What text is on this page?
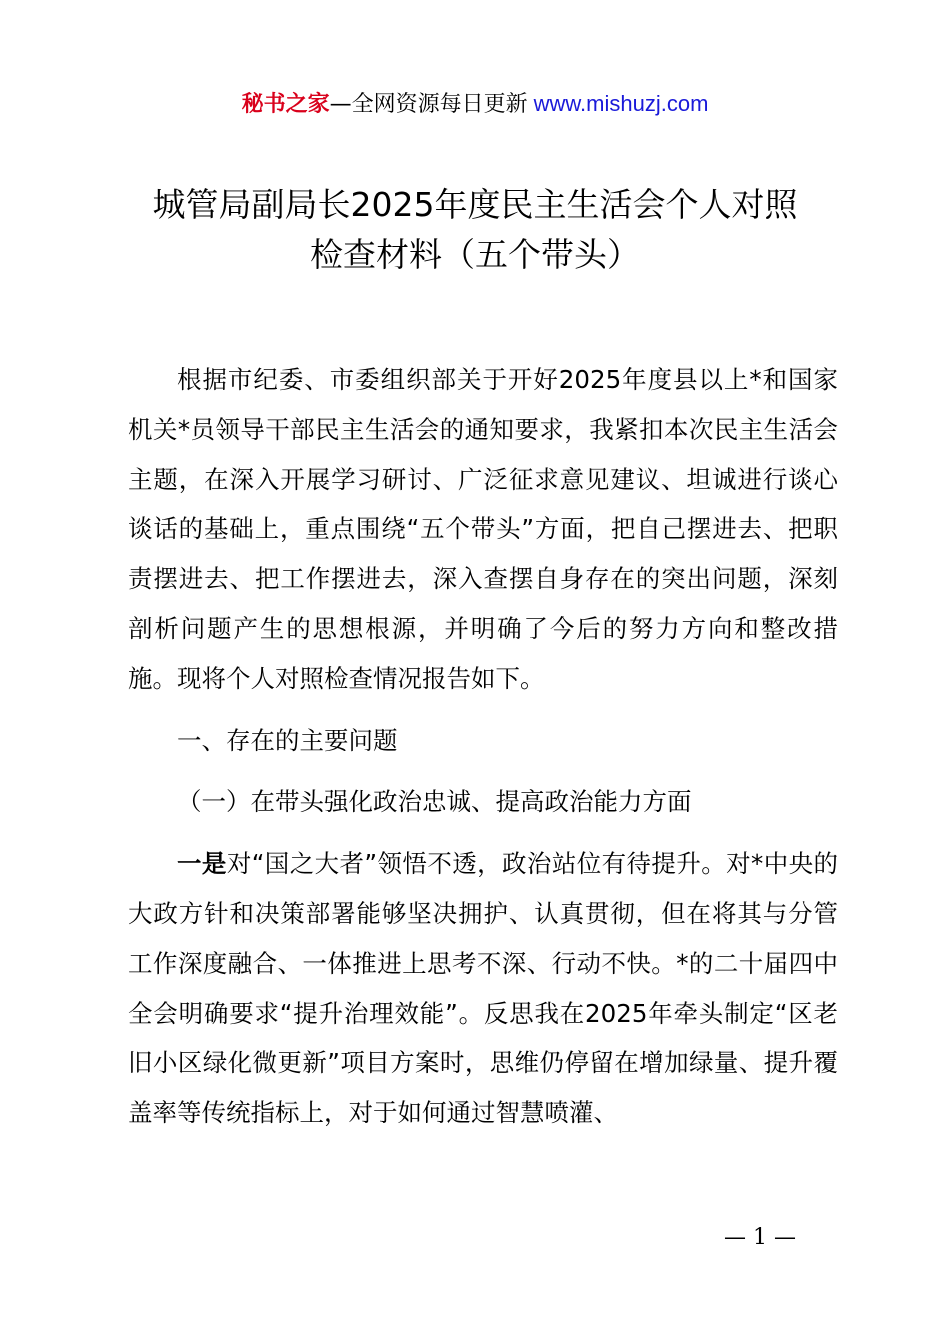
秘书之家—全网资源每日更新 www.mishuzj.com
城管局副局长2025年度民主生活会个人对照
检查材料（五个带头）

根据市纪委、市委组织部关于开好2025年度县以上*和国家机关*员领导干部民主生活会的通知要求，我紧扣本次民主生活会主题，在深入开展学习研讨、广泛征求意见建议、坦诚进行谈心谈话的基础上，重点围绕“五个带头”方面，把自己摆进去、把职责摆进去、把工作摆进去，深入查摆自身存在的突出问题，深刻剖析问题产生的思想根源，并明确了今后的努力方向和整改措施。现将个人对照检查情况报告如下。

一、存在的主要问题

（一）在带头强化政治忠诚、提高政治能力方面

一是对“国之大者”领悟不透，政治站位有待提升。对*中央的大政方针和决策部署能够坚决拥护、认真贯彻，但在将其与分管工作深度融合、一体推进上思考不深、行动不快。*的二十届四中全会明确要求“提升治理效能”。反思我在2025年牵头制定“区老旧小区绿化微更新”项目方案时，思维仍停留在增加绿量、提升覆盖率等传统指标上，对于如何通过智慧喷灌、

— 1 —
